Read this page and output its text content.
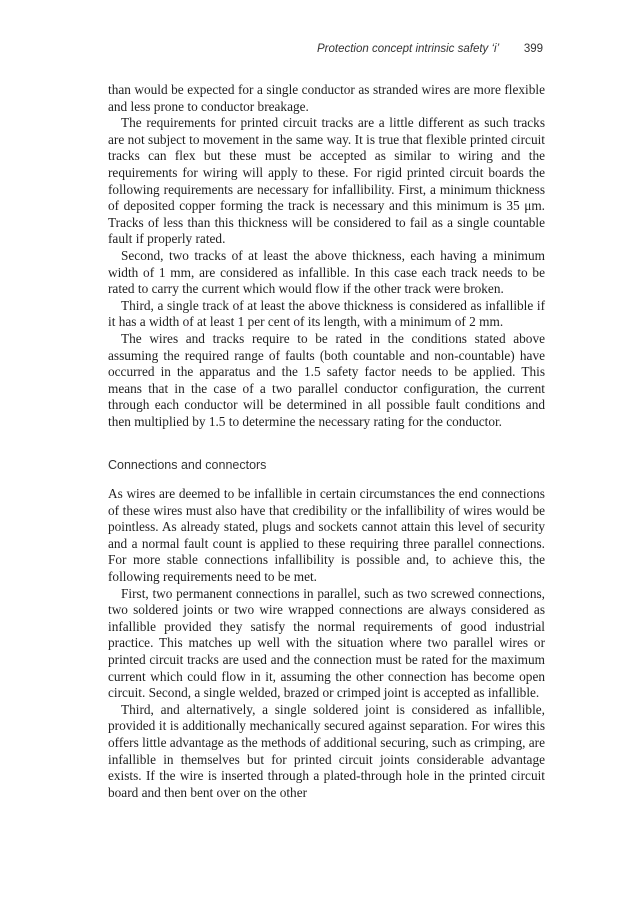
Protection concept intrinsic safety ‘i’ 399

than would be expected for a single conductor as stranded wires are more flexible and less prone to conductor breakage.

The requirements for printed circuit tracks are a little different as such tracks are not subject to movement in the same way. It is true that flexible printed circuit tracks can flex but these must be accepted as similar to wiring and the requirements for wiring will apply to these. For rigid printed circuit boards the following requirements are necessary for infallibility. First, a minimum thickness of deposited copper forming the track is necessary and this minimum is 35 μm. Tracks of less than this thickness will be considered to fail as a single countable fault if properly rated.

Second, two tracks of at least the above thickness, each having a minimum width of 1 mm, are considered as infallible. In this case each track needs to be rated to carry the current which would flow if the other track were broken.

Third, a single track of at least the above thickness is considered as infallible if it has a width of at least 1 per cent of its length, with a minimum of 2 mm.

The wires and tracks require to be rated in the conditions stated above assuming the required range of faults (both countable and non-countable) have occurred in the apparatus and the 1.5 safety factor needs to be applied. This means that in the case of a two parallel conductor configuration, the current through each conductor will be determined in all possible fault conditions and then multiplied by 1.5 to determine the necessary rating for the conductor.

Connections and connectors

As wires are deemed to be infallible in certain circumstances the end connections of these wires must also have that credibility or the infallibility of wires would be pointless. As already stated, plugs and sockets cannot attain this level of security and a normal fault count is applied to these requiring three parallel connections. For more stable connections infallibility is possible and, to achieve this, the following requirements need to be met.

First, two permanent connections in parallel, such as two screwed connections, two soldered joints or two wire wrapped connections are always considered as infallible provided they satisfy the normal requirements of good industrial practice. This matches up well with the situation where two parallel wires or printed circuit tracks are used and the connection must be rated for the maximum current which could flow in it, assuming the other connection has become open circuit. Second, a single welded, brazed or crimped joint is accepted as infallible.

Third, and alternatively, a single soldered joint is considered as infallible, provided it is additionally mechanically secured against separation. For wires this offers little advantage as the methods of additional securing, such as crimping, are infallible in themselves but for printed circuit joints considerable advantage exists. If the wire is inserted through a plated-through hole in the printed circuit board and then bent over on the other
